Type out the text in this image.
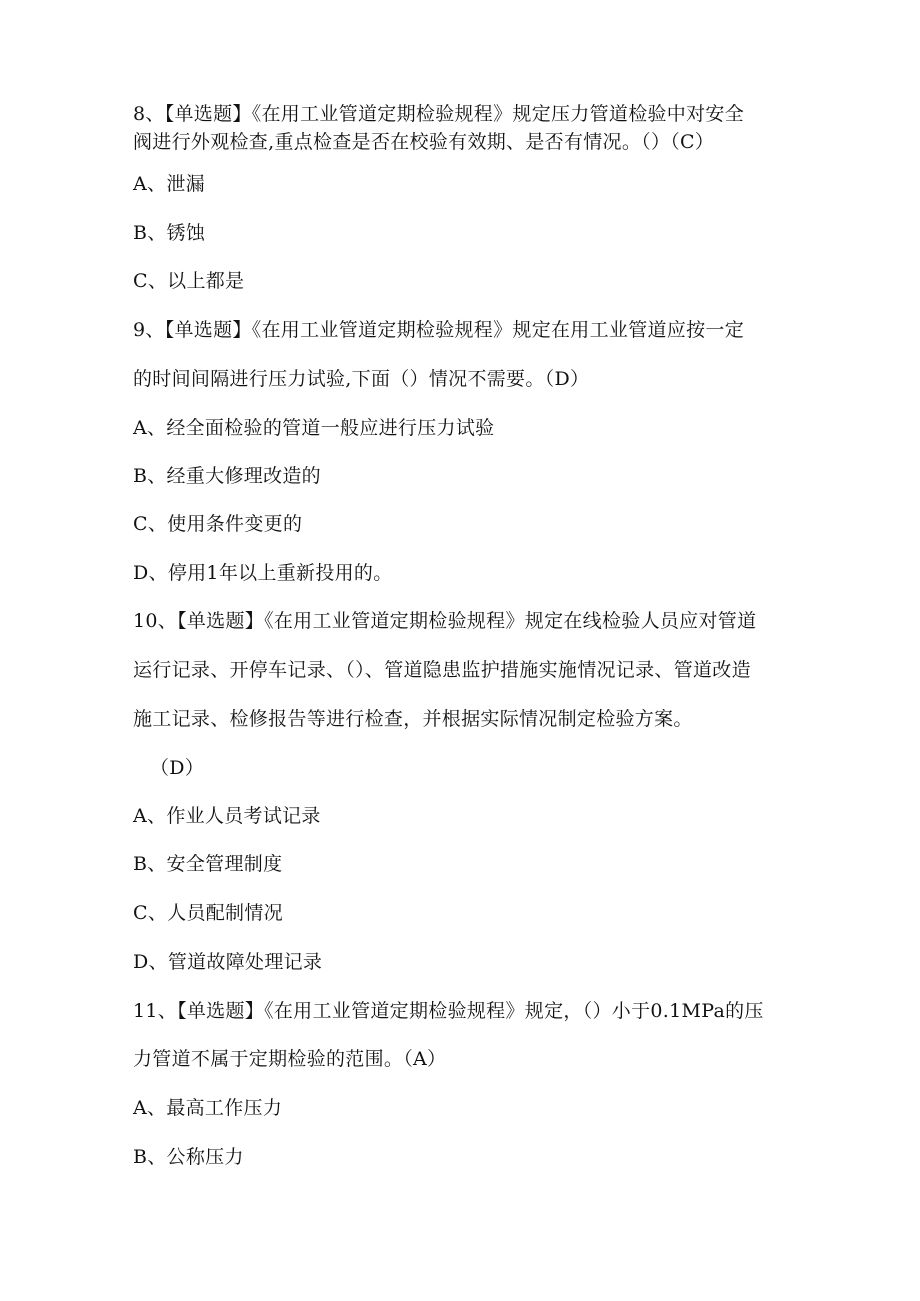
8、【单选题】《在用工业管道定期检验规程》规定压力管道检验中对安全
阀进行外观检查,重点检查是否在校验有效期、是否有情况。（）（C）
A、泄漏
B、锈蚀
C、以上都是
9、【单选题】《在用工业管道定期检验规程》规定在用工业管道应按一定
的时间间隔进行压力试验,下面（）情况不需要。（D）
A、经全面检验的管道一般应进行压力试验
B、经重大修理改造的
C、使用条件变更的
D、停用1年以上重新投用的。
10、【单选题】《在用工业管道定期检验规程》规定在线检验人员应对管道
运行记录、开停车记录、（）、管道隐患监护措施实施情况记录、管道改造
施工记录、检修报告等进行检查，并根据实际情况制定检验方案。
（D）
A、作业人员考试记录
B、安全管理制度
C、人员配制情况
D、管道故障处理记录
11、【单选题】《在用工业管道定期检验规程》规定，（）小于0.1MPa的压
力管道不属于定期检验的范围。（A）
A、最高工作压力
B、公称压力
